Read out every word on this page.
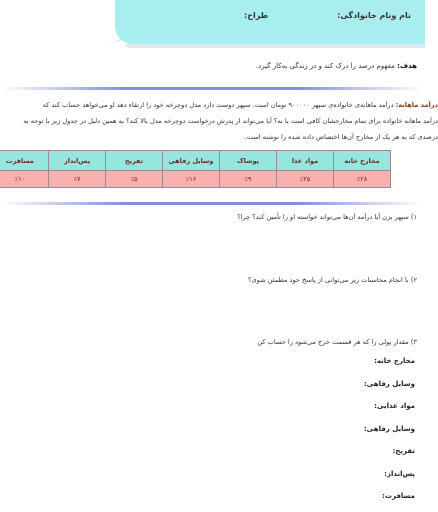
نام ونام خانوادگی:
طراح:
هدف: مفهوم درصد را درک کند و در زندگی به‌کار گیرد.
درآمد ماهانه: درآمد ماهانه‌ی خانواده‌ی سپهر ۹۰۰۰۰۰ تومان است. سپهر دوست دارد مدل دوچرخه خود را ارتقاء دهد او می‌خواهد حساب کند که
درآمد ماهانه خانواده برای تمام مخارجشان کافی است یا نه؟ آیا می‌تواند از پدرش درخواست دوچرخه مدل بالا کند؟ به همین دلیل در جدول زیر با توجه به
درصدی که به هر یک از مخارج آن‌ها اختصاص داده شده را نوشته است.
مخارج خانه	مواد غذا	پوشاک	وسایل رفاهی	تفریح	پس‌انداز	مسافرت
٪۲۸	٪۲۵	٪۹	٪۱۶	٪۵	٪۷	٪۱۰
۱) سپهر بزن آیا درآمد آن‌ها می‌تواند خواسته او را تأمین کند؟ چرا؟
۲) با انجام محاسبات زیر می‌توانی از پاسخ خود مطمئن شوی؟
۳) مقدار پولی را که هر قسمت خرج می‌شود را حساب کن
مخارج خانه:
وسایل رفاهی:
مواد غذایی:
وسایل رفاهی:
تفریح:
پس‌انداز:
مسافرت:
